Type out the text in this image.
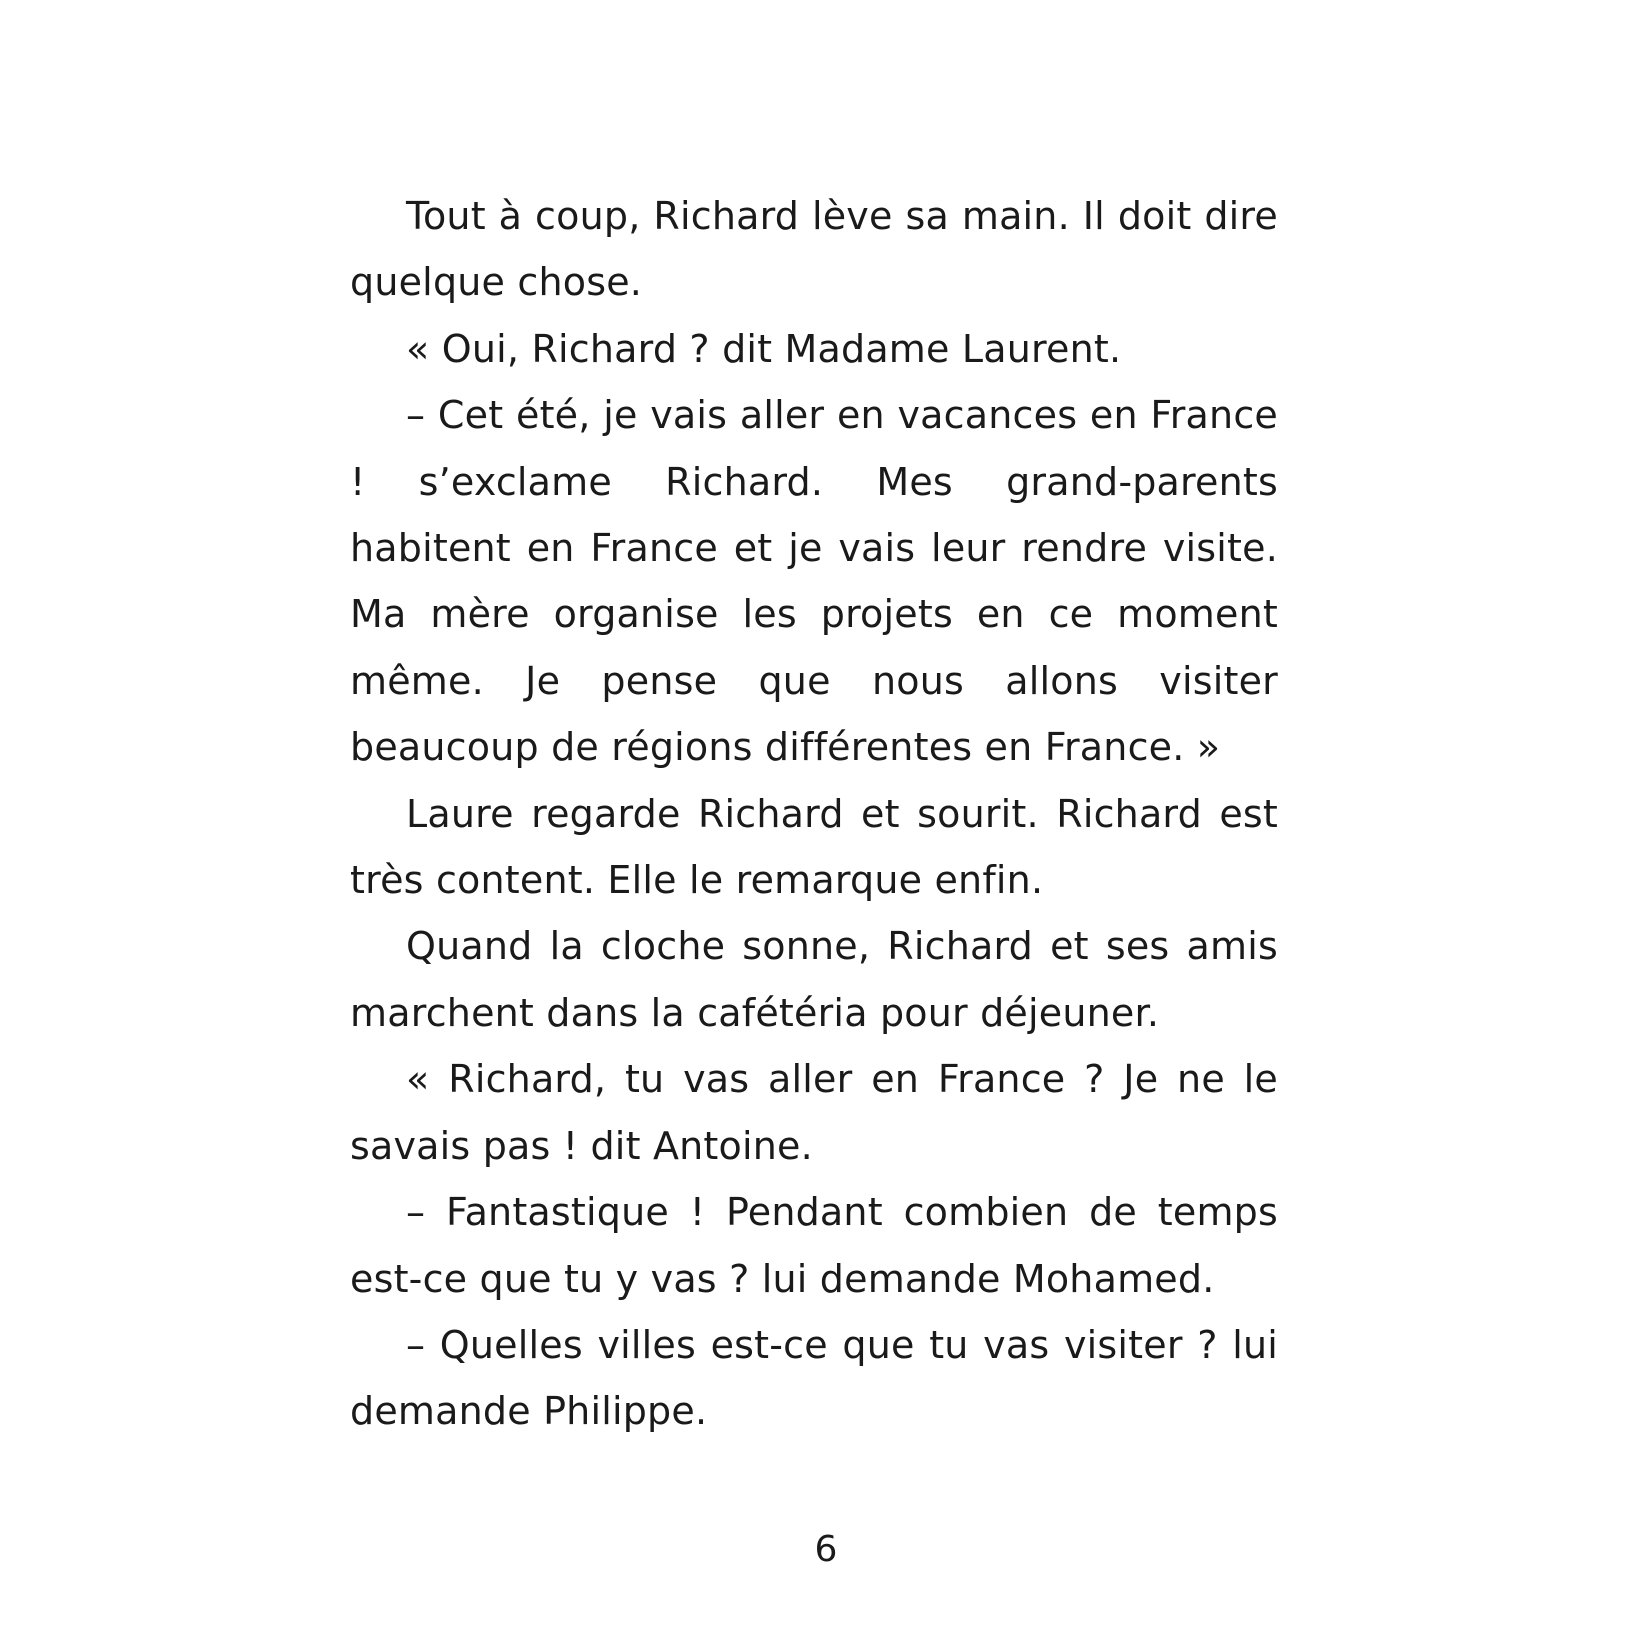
Tout à coup, Richard lève sa main. Il doit dire quelque chose.

« Oui, Richard ? dit Madame Laurent.

– Cet été, je vais aller en vacances en France ! s’exclame Richard. Mes grand-parents habitent en France et je vais leur rendre visite. Ma mère organise les projets en ce moment même. Je pense que nous allons visiter beaucoup de régions différentes en France. »

Laure regarde Richard et sourit. Richard est très content. Elle le remarque enfin.

Quand la cloche sonne, Richard et ses amis marchent dans la cafétéria pour déjeuner.

« Richard, tu vas aller en France ? Je ne le savais pas ! dit Antoine.

– Fantastique ! Pendant combien de temps est-ce que tu y vas ? lui demande Mohamed.

– Quelles villes est-ce que tu vas visiter ? lui demande Philippe.

6
